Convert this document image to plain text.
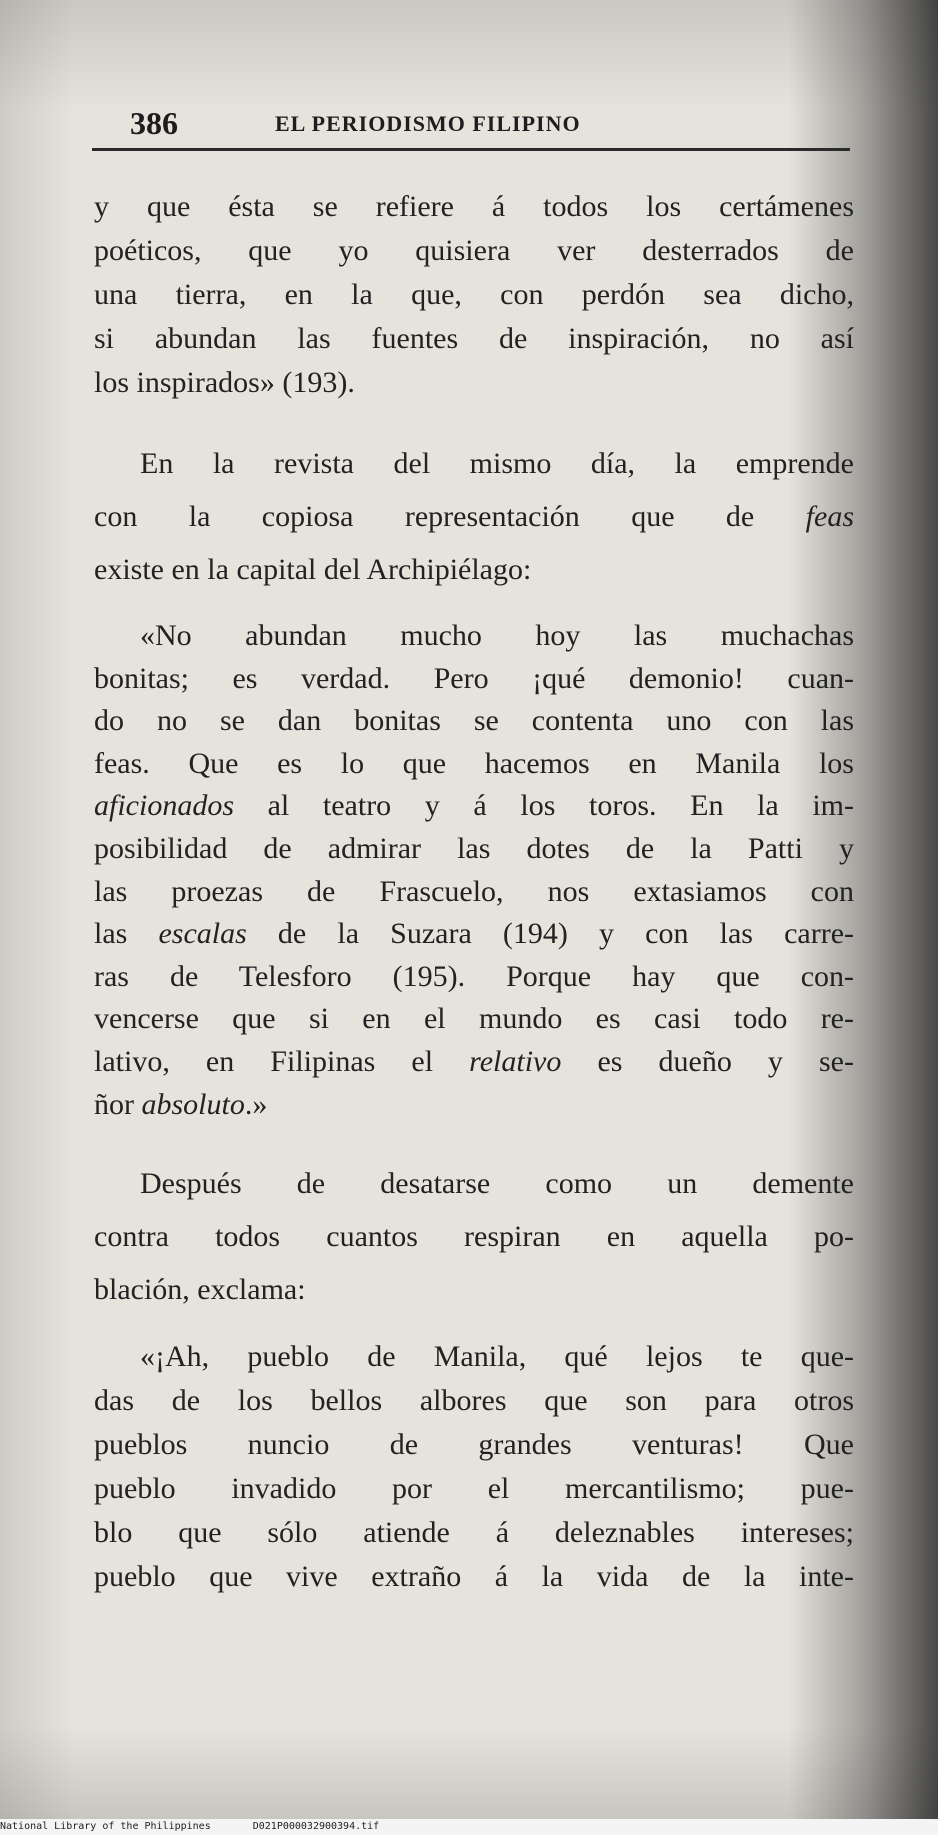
386	EL PERIODISMO FILIPINO
y que ésta se refiere á todos los certámenes
poéticos, que yo quisiera ver desterrados de
una tierra, en la que, con perdón sea dicho,
si abundan las fuentes de inspiración, no así
los inspirados» (193).
En la revista del mismo día, la emprende
con la copiosa representación que de feas
existe en la capital del Archipiélago:
«No abundan mucho hoy las muchachas
bonitas; es verdad. Pero ¡qué demonio! cuan-
do no se dan bonitas se contenta uno con las
feas. Que es lo que hacemos en Manila los
aficionados al teatro y á los toros. En la im-
posibilidad de admirar las dotes de la Patti y
las proezas de Frascuelo, nos extasiamos con
las escalas de la Suzara (194) y con las carre-
ras de Telesforo (195). Porque hay que con-
vencerse que si en el mundo es casi todo re-
lativo, en Filipinas el relativo es dueño y se-
ñor absoluto.»
Después de desatarse como un demente
contra todos cuantos respiran en aquella po-
blación, exclama:
«¡Ah, pueblo de Manila, qué lejos te que-
das de los bellos albores que son para otros
pueblos nuncio de grandes venturas! Que
pueblo invadido por el mercantilismo; pue-
blo que sólo atiende á deleznables intereses;
pueblo que vive extraño á la vida de la inte-
National Library of the Philippines	D021P000032900394.tif
